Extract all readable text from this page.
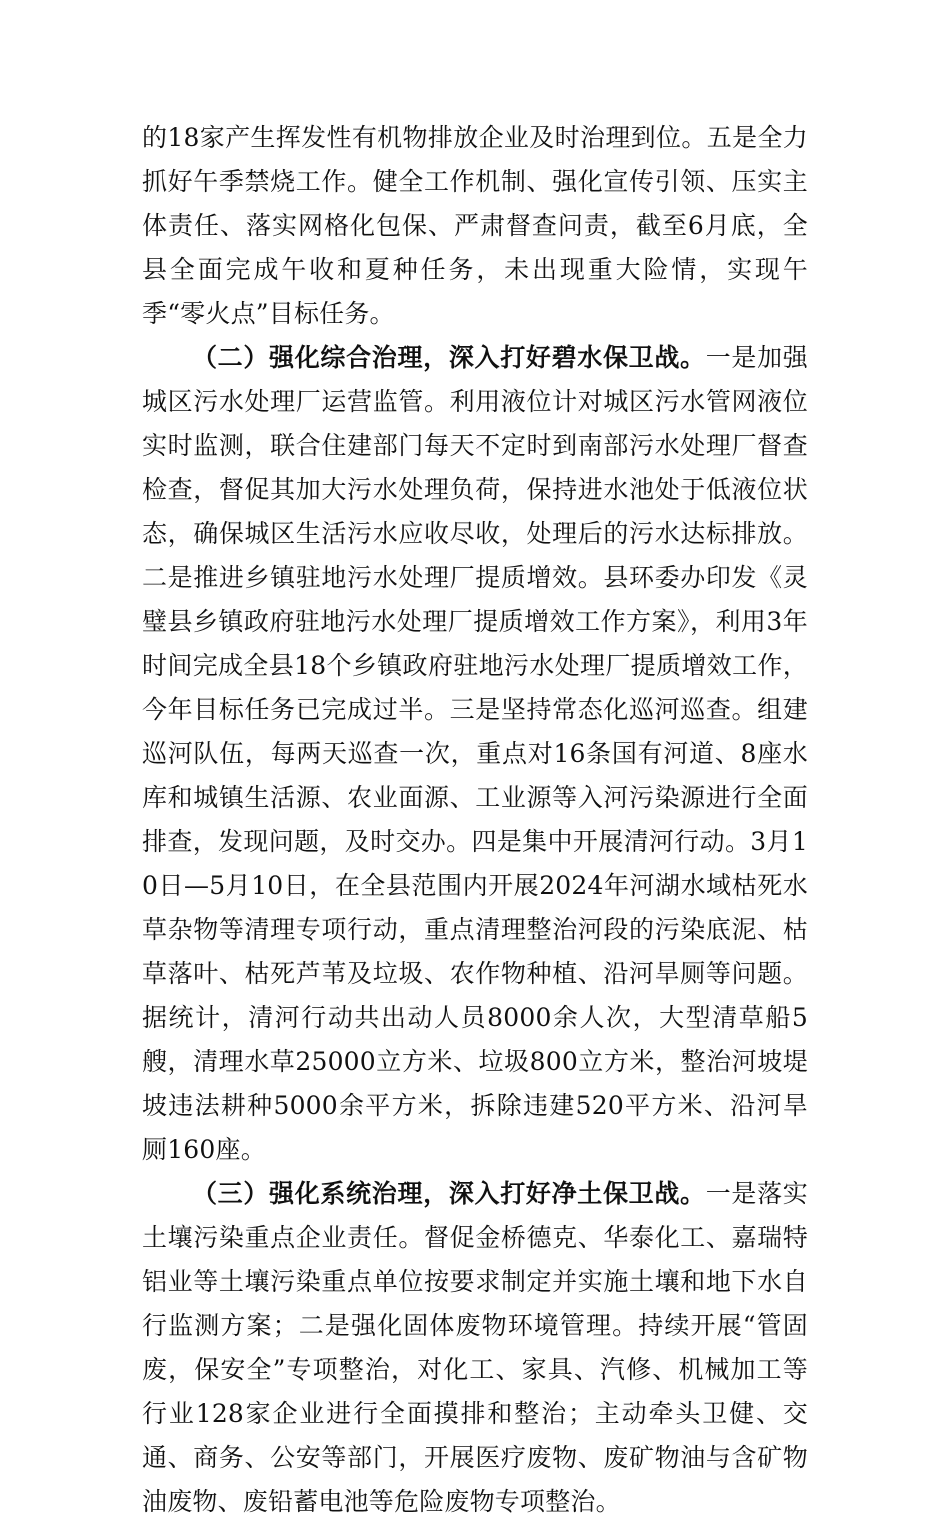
的18家产生挥发性有机物排放企业及时治理到位。五是全力抓好午季禁烧工作。健全工作机制、强化宣传引领、压实主体责任、落实网格化包保、严肃督查问责，截至6月底，全县全面完成午收和夏种任务，未出现重大险情，实现午季“零火点”目标任务。

（二）强化综合治理，深入打好碧水保卫战。一是加强城区污水处理厂运营监管。利用液位计对城区污水管网液位实时监测，联合住建部门每天不定时到南部污水处理厂督查检查，督促其加大污水处理负荷，保持进水池处于低液位状态，确保城区生活污水应收尽收，处理后的污水达标排放。二是推进乡镇驻地污水处理厂提质增效。县环委办印发《灵璧县乡镇政府驻地污水处理厂提质增效工作方案》，利用3年时间完成全县18个乡镇政府驻地污水处理厂提质增效工作，今年目标任务已完成过半。三是坚持常态化巡河巡查。组建巡河队伍，每两天巡查一次，重点对16条国有河道、8座水库和城镇生活源、农业面源、工业源等入河污染源进行全面排查，发现问题，及时交办。四是集中开展清河行动。3月10日—5月10日，在全县范围内开展2024年河湖水域枯死水草杂物等清理专项行动，重点清理整治河段的污染底泥、枯草落叶、枯死芦苇及垃圾、农作物种植、沿河旱厕等问题。据统计，清河行动共出动人员8000余人次，大型清草船5艘，清理水草25000立方米、垃圾800立方米，整治河坡堤坡违法耕种5000余平方米，拆除违建520平方米、沿河旱厕160座。

（三）强化系统治理，深入打好净土保卫战。一是落实土壤污染重点企业责任。督促金桥德克、华泰化工、嘉瑞特铝业等土壤污染重点单位按要求制定并实施土壤和地下水自行监测方案；二是强化固体废物环境管理。持续开展“管固废，保安全”专项整治，对化工、家具、汽修、机械加工等行业128家企业进行全面摸排和整治；主动牵头卫健、交通、商务、公安等部门，开展医疗废物、废矿物油与含矿物油废物、废铅蓄电池等危险废物专项整治。
